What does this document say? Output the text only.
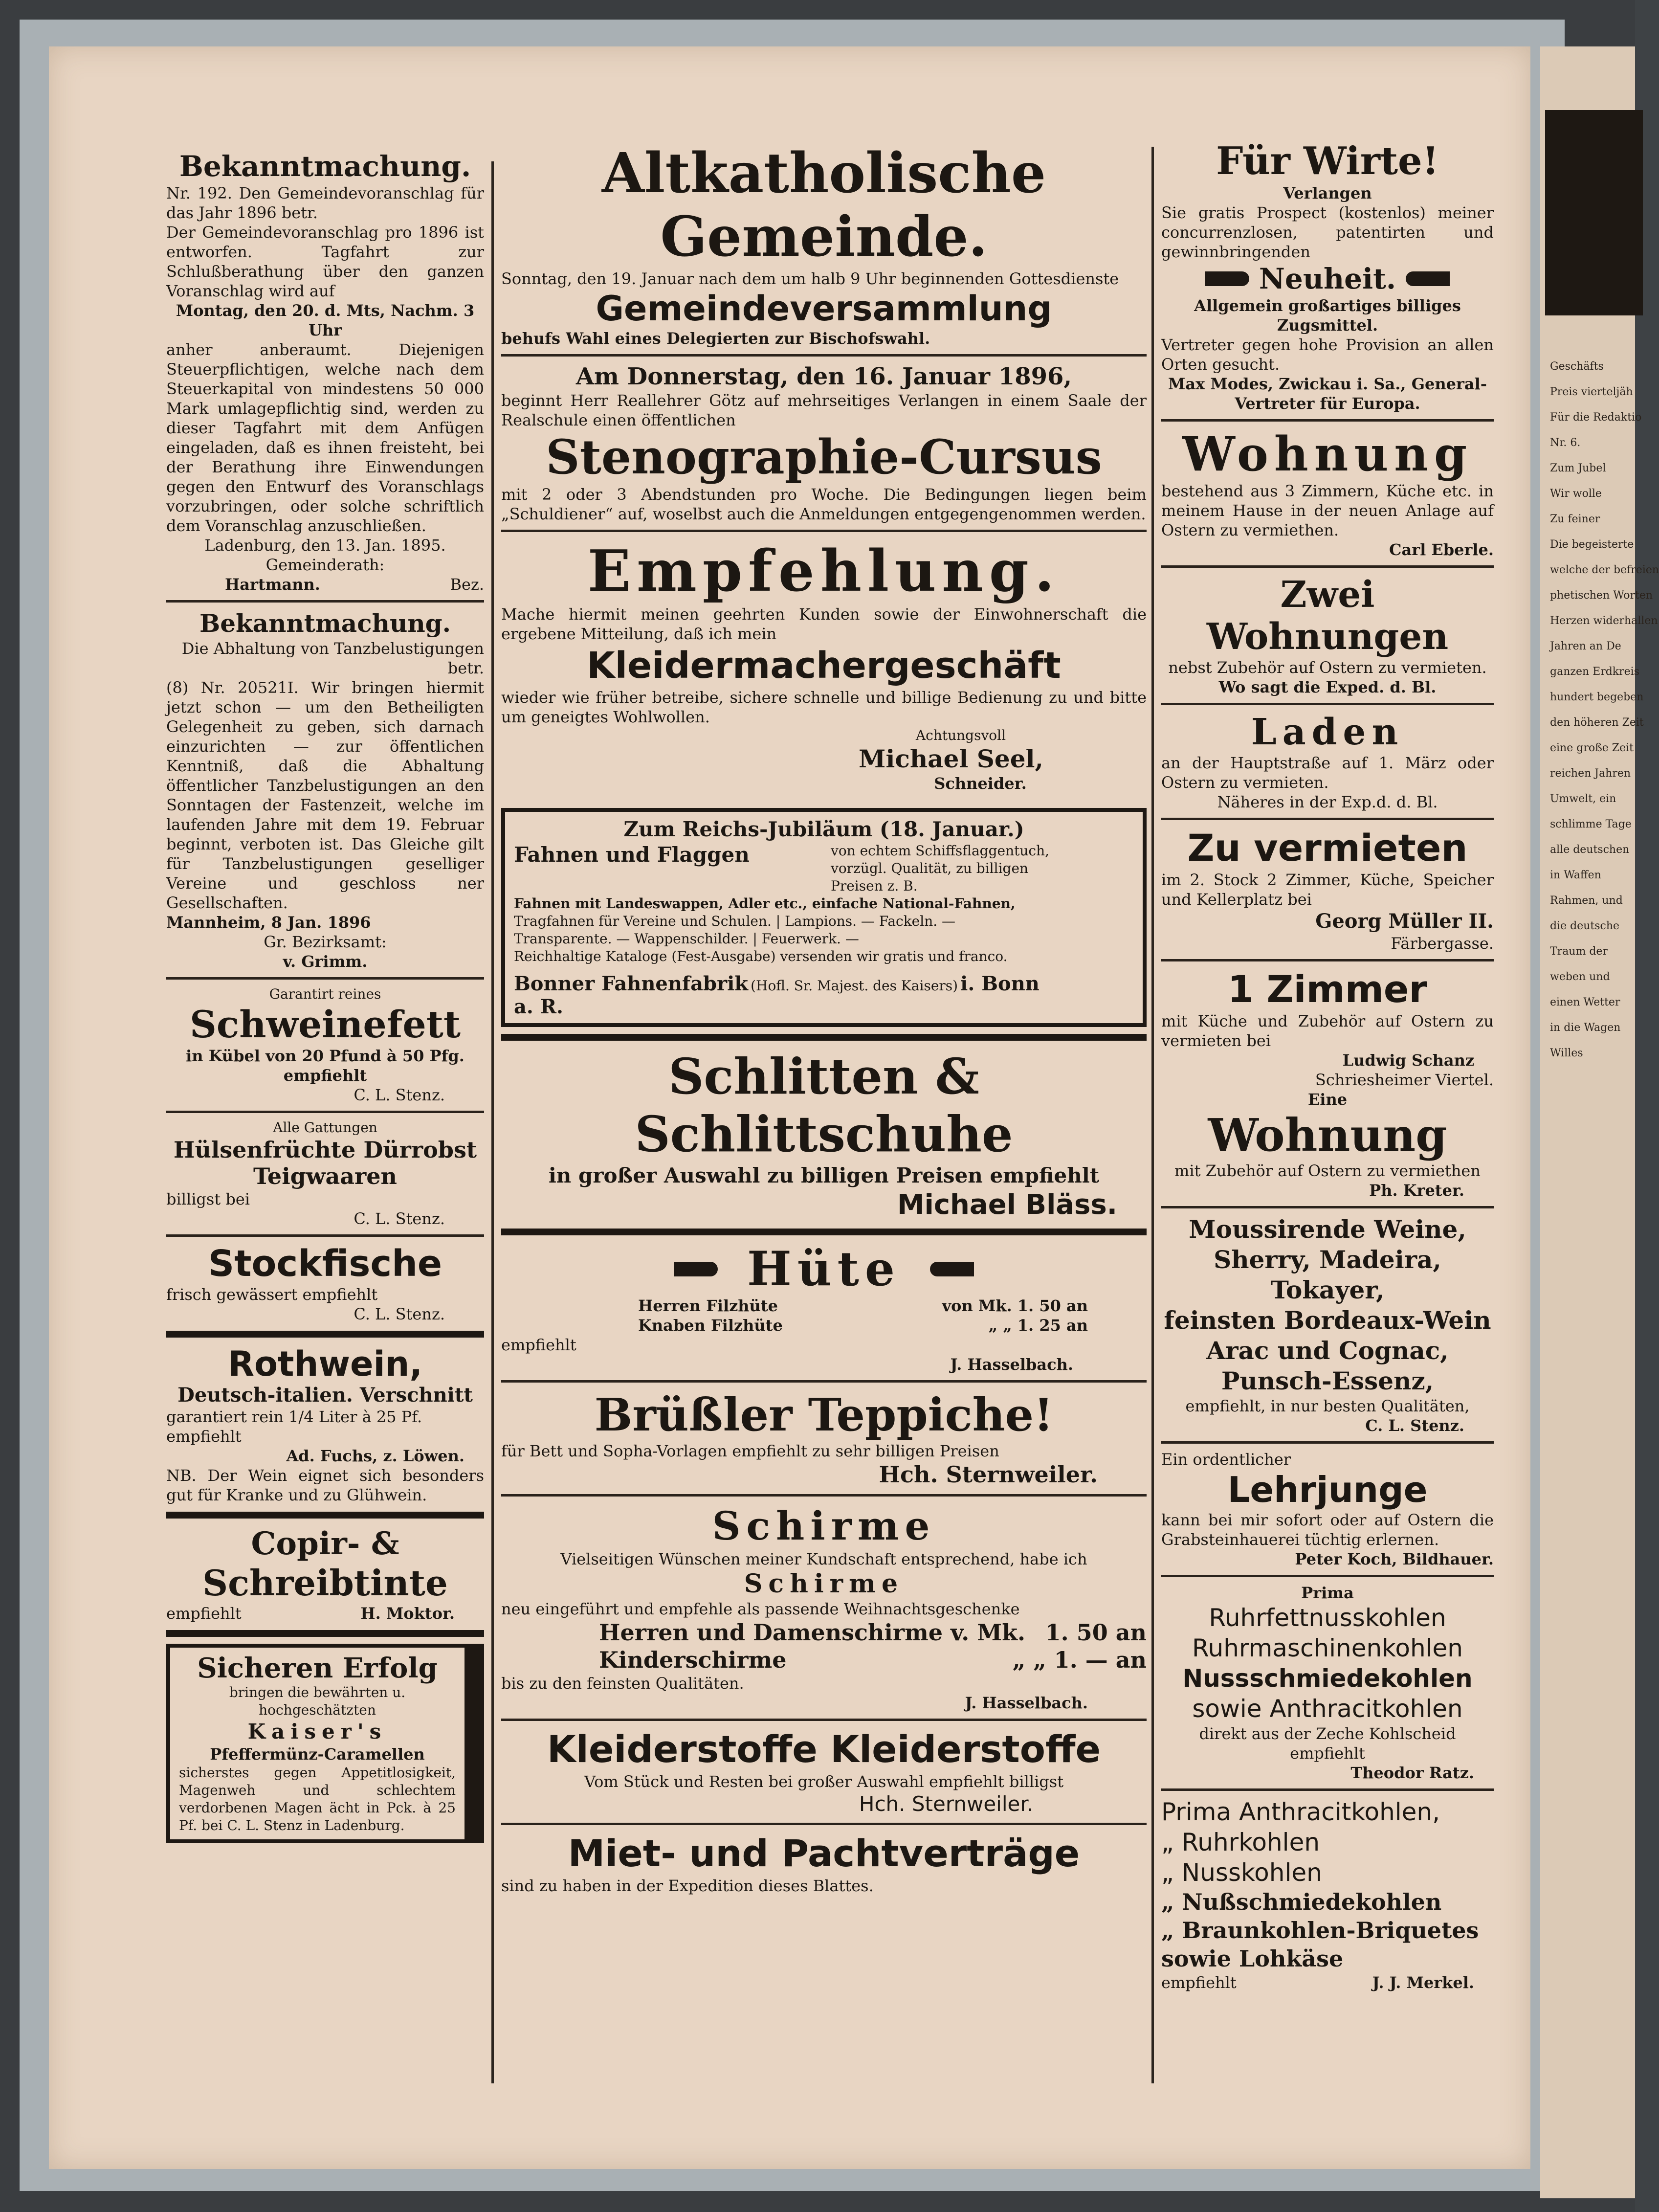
Bekanntmachung.
Nr. 192. Den Gemeindevoranschlag für das Jahr 1896 betr.
Der Gemeindevoranschlag pro 1896 ist entworfen. Tagfahrt zur Schlußberathung über den ganzen Voranschlag wird auf
Montag, den 20. d. Mts, Nachm. 3 Uhr
anher anberaumt. Diejenigen Steuerpflichtigen, welche nach dem Steuerkapital von mindestens 50 000 Mark umlagepflichtig sind, werden zu dieser Tagfahrt mit dem Anfügen eingeladen, daß es ihnen freisteht, bei der Berathung ihre Einwendungen gegen den Entwurf des Voranschlags vorzubringen, oder solche schriftlich dem Voranschlag anzuschließen.
Ladenburg, den 13. Jan. 1895.
Gemeinderath:
Hartmann.	Bez.
Bekanntmachung.
Die Abhaltung von Tanzbelustigungen betr.
(8) Nr. 20521I. Wir bringen hiermit jetzt schon — um den Betheiligten Gelegenheit zu geben, sich darnach einzurichten — zur öffentlichen Kenntniß, daß die Abhaltung öffentlicher Tanzbelustigungen an den Sonntagen der Fastenzeit, welche im laufenden Jahre mit dem 19. Februar beginnt, verboten ist. Das Gleiche gilt für Tanzbelustigungen geselliger Vereine und geschloss ner Gesellschaften.
Mannheim, 8 Jan. 1896
Gr. Bezirksamt:
v. Grimm.
Garantirt reines
Schweinefett
in Kübel von 20 Pfund à 50 Pfg. empfiehlt
C. L. Stenz.
Alle Gattungen
Hülsenfrüchte Dürrobst
Teigwaaren
billigst bei
C. L. Stenz.
Stockfische
frisch gewässert empfiehlt
C. L. Stenz.
Rothwein,
Deutsch-italien. Verschnitt
garantiert rein 1/4 Liter à 25 Pf. empfiehlt
Ad. Fuchs, z. Löwen.
NB. Der Wein eignet sich besonders gut für Kranke und zu Glühwein.
Copir- &
Schreibtinte
empfiehlt	H. Moktor.
Sicheren Erfolg
bringen die bewährten u. hochgeschätzten
Kaiser's
Pfeffermünz-Caramellen
sicherstes gegen Appetitlosigkeit, Magenweh und schlechtem verdorbenen Magen ächt in Pck. à 25 Pf. bei C. L. Stenz in Ladenburg.
Altkatholische Gemeinde.
Sonntag, den 19. Januar nach dem um halb 9 Uhr beginnenden Gottesdienste
Gemeindeversammlung
behufs Wahl eines Delegierten zur Bischofswahl.
Am Donnerstag, den 16. Januar 1896,
beginnt Herr Reallehrer Götz auf mehrseitiges Verlangen in einem Saale der Realschule einen öffentlichen
Stenographie-Cursus
mit 2 oder 3 Abendstunden pro Woche. Die Bedingungen liegen beim „Schuldiener“ auf, woselbst auch die Anmeldungen entgegengenommen werden.
Empfehlung.
Mache hiermit meinen geehrten Kunden sowie der Einwohnerschaft die ergebene Mitteilung, daß ich mein
Kleidermachergeschäft
wieder wie früher betreibe, sichere schnelle und billige Bedienung zu und bitte um geneigtes Wohlwollen.
Achtungsvoll
Michael Seel,
Schneider.
Zum Reichs-Jubiläum (18. Januar.)
Fahnen und Flaggen	von echtem Schiffsflaggentuch, vorzügl. Qualität, zu billigen Preisen z. B.
Fahnen mit Landeswappen, Adler etc., einfache National-Fahnen,
Tragfahnen für Vereine und Schulen. | Lampions. — Fackeln. —
Transparente. — Wappenschilder. | Feuerwerk. —
Reichhaltige Kataloge (Fest-Ausgabe) versenden wir gratis und franco.
Bonner Fahnenfabrik (Hofl. Sr. Majest. des Kaisers) i. Bonn a. R.
Schlitten & Schlittschuhe
in großer Auswahl zu billigen Preisen empfiehlt
Michael Bläss.
Hüte
Herren Filzhüte	von Mk. 1. 50 an
Knaben Filzhüte	„ „ 1. 25 an
empfiehlt
J. Hasselbach.
Brüßler Teppiche!
für Bett und Sopha-Vorlagen empfiehlt zu sehr billigen Preisen
Hch. Sternweiler.
Schirme
Vielseitigen Wünschen meiner Kundschaft entsprechend, habe ich
Schirme
neu eingeführt und empfehle als passende Weihnachtsgeschenke
Herren und Damenschirme v. Mk. 1. 50 an
Kinderschirme	„ „ 1. — an
bis zu den feinsten Qualitäten.
J. Hasselbach.
Kleiderstoffe Kleiderstoffe
Vom Stück und Resten bei großer Auswahl empfiehlt billigst
Hch. Sternweiler.
Miet- und Pachtverträge
sind zu haben in der Expedition dieses Blattes.
Für Wirte!
Verlangen
Sie gratis Prospect (kostenlos) meiner concurrenzlosen, patentirten und gewinnbringenden
Neuheit.
Allgemein großartiges billiges Zugsmittel.
Vertreter gegen hohe Provision an allen Orten gesucht.
Max Modes, Zwickau i. Sa., General-Vertreter für Europa.
Wohnung
bestehend aus 3 Zimmern, Küche etc. in meinem Hause in der neuen Anlage auf Ostern zu vermiethen.
Carl Eberle.
Zwei Wohnungen
nebst Zubehör auf Ostern zu vermieten.
Wo sagt die Exped. d. Bl.
Laden
an der Hauptstraße auf 1. März oder Ostern zu vermieten.
Näheres in der Exp.d. d. Bl.
Zu vermieten
im 2. Stock 2 Zimmer, Küche, Speicher und Kellerplatz bei
Georg Müller II.
Färbergasse.
1 Zimmer
mit Küche und Zubehör auf Ostern zu vermieten bei
Ludwig Schanz
Schriesheimer Viertel.
Eine
Wohnung
mit Zubehör auf Ostern zu vermiethen
Ph. Kreter.
Moussirende Weine,
Sherry, Madeira, Tokayer,
feinsten Bordeaux-Wein
Arac und Cognac,
Punsch-Essenz,
empfiehlt, in nur besten Qualitäten,
C. L. Stenz.
Ein ordentlicher
Lehrjunge
kann bei mir sofort oder auf Ostern die Grabsteinhauerei tüchtig erlernen.
Peter Koch, Bildhauer.
Prima
Ruhrfettnusskohlen
Ruhrmaschinenkohlen
Nussschmiedekohlen
sowie Anthracitkohlen
direkt aus der Zeche Kohlscheid empfiehlt
Theodor Ratz.
Prima Anthracitkohlen,
„ Ruhrkohlen
„ Nusskohlen
„ Nußschmiedekohlen
„ Braunkohlen-Briquetes
sowie Lohkäse
empfiehlt	J. J. Merkel.
Geschäfts
Preis vierteljäh
Für die Redaktio
Nr. 6.
Zum Jubel
Wir wolle
Zu feiner
Die begeisterte
welche der befreien
phetischen Worten
Herzen widerhallen
Jahren an De
ganzen Erdkreis
hundert begeben
den höheren Zeit
eine große Zeit
reichen Jahren
Umwelt, ein
schlimme Tage
alle deutschen
in Waffen
Rahmen, und
die deutsche
Traum der
weben und
einen Wetter
in die Wagen
Willes
